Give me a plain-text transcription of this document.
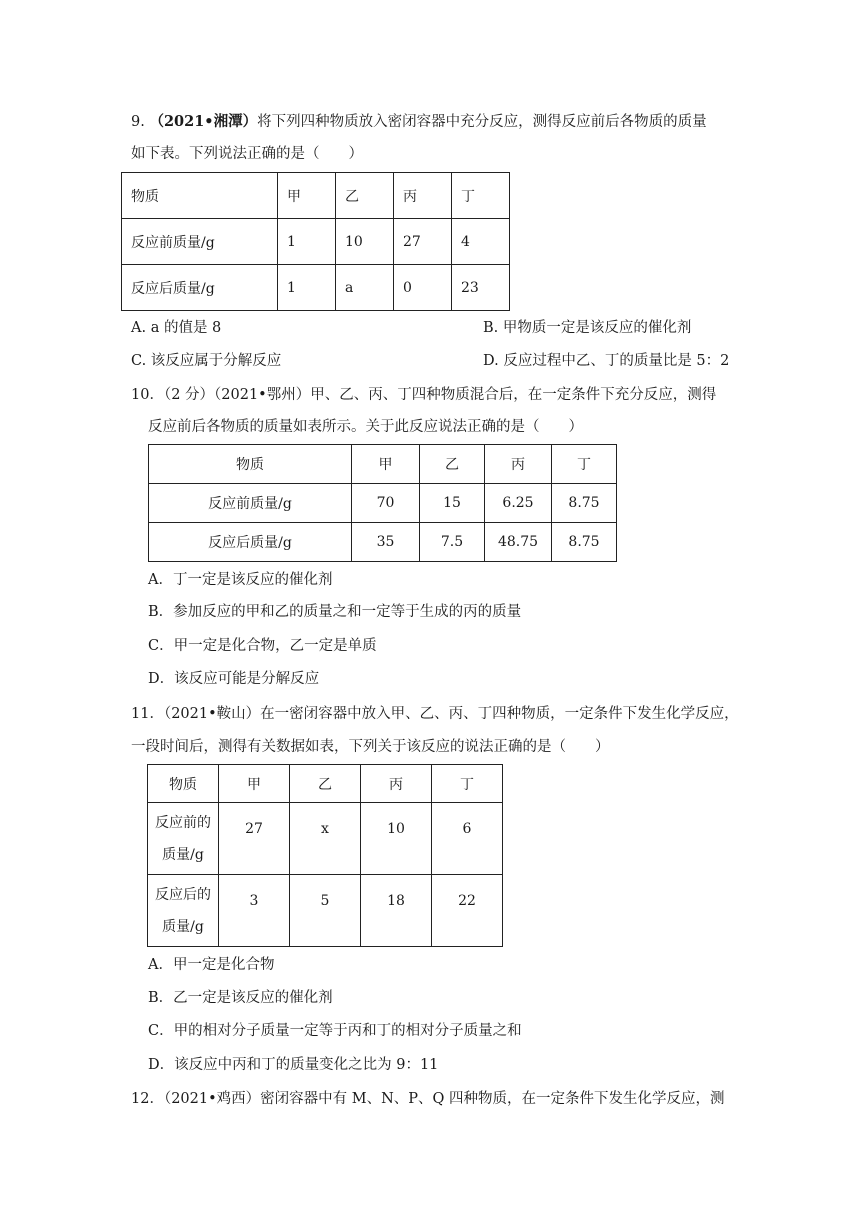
9. （2021•湘潭）将下列四种物质放入密闭容器中充分反应，测得反应前后各物质的质量
如下表。下列说法正确的是（　　）
物质	甲	乙	丙	丁
反应前质量/g	1	10	27	4
反应后质量/g	1	a	0	23
A. a 的值是 8	B. 甲物质一定是该反应的催化剂
C. 该反应属于分解反应	D. 反应过程中乙、丁的质量比是 5：2
10．（2 分）（2021•鄂州）甲、乙、丙、丁四种物质混合后，在一定条件下充分反应，测得
反应前后各物质的质量如表所示。关于此反应说法正确的是（　　）
物质	甲	乙	丙	丁
反应前质量/g	70	15	6.25	8.75
反应后质量/g	35	7.5	48.75	8.75
A．丁一定是该反应的催化剂
B．参加反应的甲和乙的质量之和一定等于生成的丙的质量
C．甲一定是化合物，乙一定是单质
D．该反应可能是分解反应
11．（2021•鞍山）在一密闭容器中放入甲、乙、丙、丁四种物质，一定条件下发生化学反应，
一段时间后，测得有关数据如表，下列关于该反应的说法正确的是（　　）
物质	甲	乙	丙	丁

反应前的
质量/g	27	x	10	6

反应后的
质量/g	3	5	18	22
A．甲一定是化合物
B．乙一定是该反应的催化剂
C．甲的相对分子质量一定等于丙和丁的相对分子质量之和
D．该反应中丙和丁的质量变化之比为 9：11
12．（2021•鸡西）密闭容器中有 M、N、P、Q 四种物质，在一定条件下发生化学反应，测
